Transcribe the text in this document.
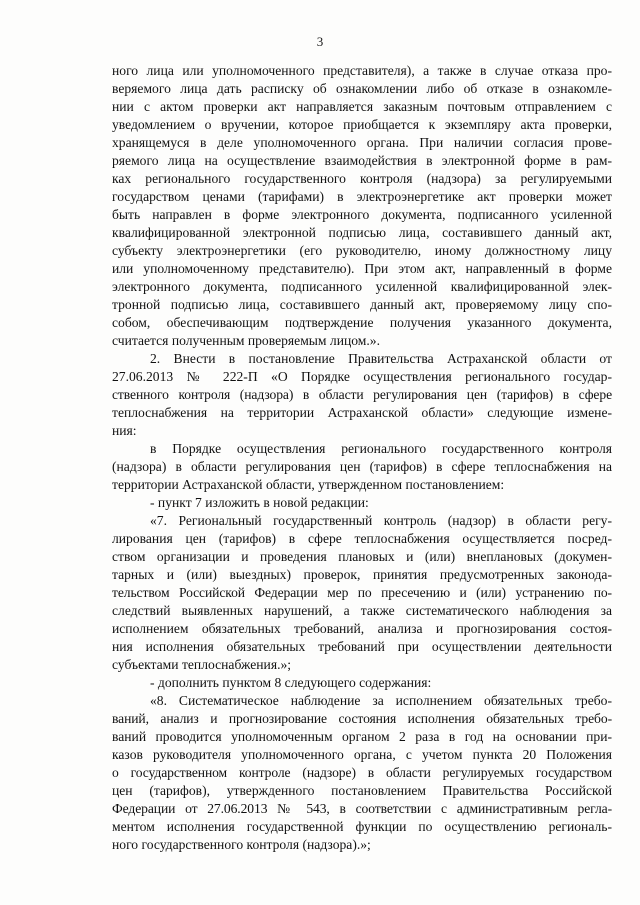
3
ного лица или уполномоченного представителя), а также в случае отказа про-
веряемого лица дать расписку об ознакомлении либо об отказе в ознакомле-
нии с актом проверки акт направляется заказным почтовым отправлением с
уведомлением о вручении, которое приобщается к экземпляру акта проверки,
хранящемуся в деле уполномоченного органа. При наличии согласия прове-
ряемого лица на осуществление взаимодействия в электронной форме в рам-
ках регионального государственного контроля (надзора) за регулируемыми
государством ценами (тарифами) в электроэнергетике акт проверки может
быть направлен в форме электронного документа, подписанного усиленной
квалифицированной электронной подписью лица, составившего данный акт,
субъекту электроэнергетики (его руководителю, иному должностному лицу
или уполномоченному представителю). При этом акт, направленный в форме
электронного документа, подписанного усиленной квалифицированной элек-
тронной подписью лица, составившего данный акт, проверяемому лицу спо-
собом, обеспечивающим подтверждение получения указанного документа,
считается полученным проверяемым лицом.».
2. Внести в постановление Правительства Астраханской области от
27.06.2013 № 222-П «О Порядке осуществления регионального государ-
ственного контроля (надзора) в области регулирования цен (тарифов) в сфере
теплоснабжения на территории Астраханской области» следующие измене-
ния:
в Порядке осуществления регионального государственного контроля
(надзора) в области регулирования цен (тарифов) в сфере теплоснабжения на
территории Астраханской области, утвержденном постановлением:
- пункт 7 изложить в новой редакции:
«7. Региональный государственный контроль (надзор) в области регу-
лирования цен (тарифов) в сфере теплоснабжения осуществляется посред-
ством организации и проведения плановых и (или) внеплановых (докумен-
тарных и (или) выездных) проверок, принятия предусмотренных законода-
тельством Российской Федерации мер по пресечению и (или) устранению по-
следствий выявленных нарушений, а также систематического наблюдения за
исполнением обязательных требований, анализа и прогнозирования состоя-
ния исполнения обязательных требований при осуществлении деятельности
субъектами теплоснабжения.»;
- дополнить пунктом 8 следующего содержания:
«8. Систематическое наблюдение за исполнением обязательных требо-
ваний, анализ и прогнозирование состояния исполнения обязательных требо-
ваний проводится уполномоченным органом 2 раза в год на основании при-
казов руководителя уполномоченного органа, с учетом пункта 20 Положения
о государственном контроле (надзоре) в области регулируемых государством
цен (тарифов), утвержденного постановлением Правительства Российской
Федерации от 27.06.2013 № 543, в соответствии с административным регла-
ментом исполнения государственной функции по осуществлению региональ-
ного государственного контроля (надзора).»;
